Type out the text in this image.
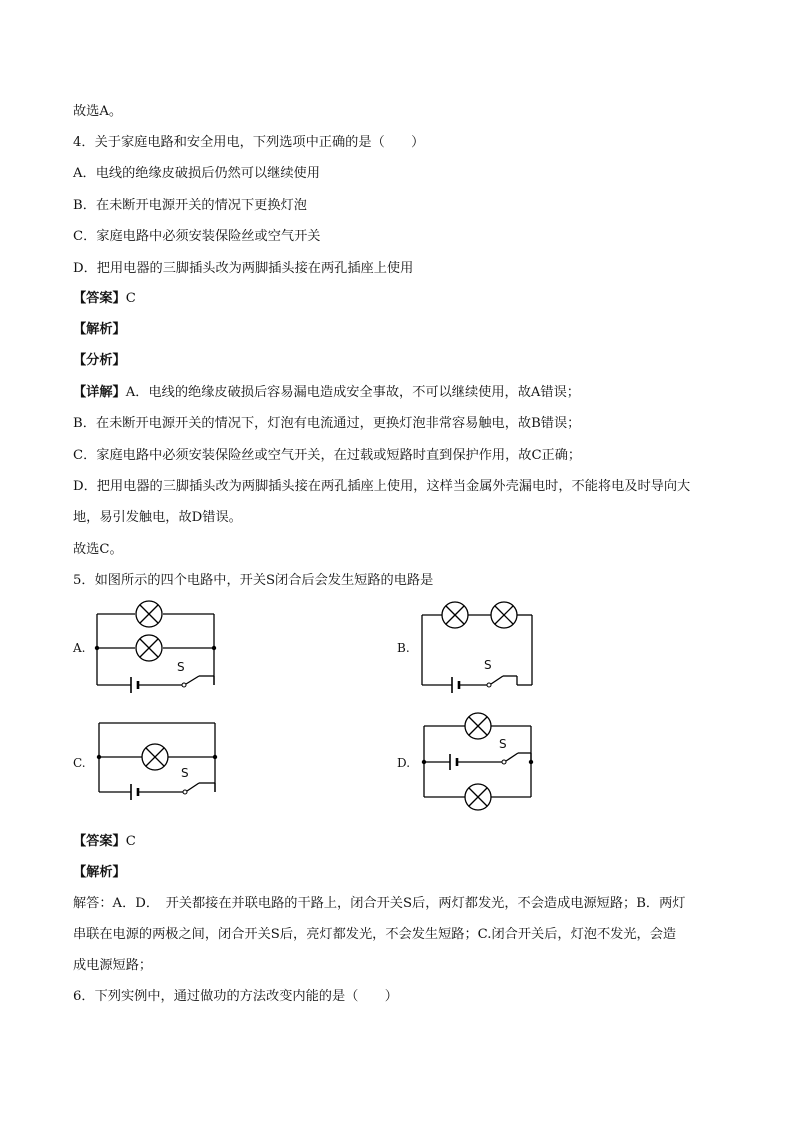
故选A。
4．关于家庭电路和安全用电，下列选项中正确的是（　　）
A．电线的绝缘皮破损后仍然可以继续使用
B．在未断开电源开关的情况下更换灯泡
C．家庭电路中必须安装保险丝或空气开关
D．把用电器的三脚插头改为两脚插头接在两孔插座上使用
【答案】C
【解析】
【分析】
【详解】A．电线的绝缘皮破损后容易漏电造成安全事故，不可以继续使用，故A错误；
B．在未断开电源开关的情况下，灯泡有电流通过，更换灯泡非常容易触电，故B错误；
C．家庭电路中必须安装保险丝或空气开关，在过载或短路时直到保护作用，故C正确；
D．把用电器的三脚插头改为两脚插头接在两孔插座上使用，这样当金属外壳漏电时，不能将电及时导向大
地，易引发触电，故D错误。
故选C。
5．如图所示的四个电路中，开关S闭合后会发生短路的电路是
A.
S
B.
S
C.
S
D.
S
【答案】C
【解析】
解答：A．D．　开关都接在并联电路的干路上，闭合开关S后，两灯都发光，不会造成电源短路；B．两灯
串联在电源的两极之间，闭合开关S后，亮灯都发光，不会发生短路；C.闭合开关后，灯泡不发光，会造
成电源短路；
6．下列实例中，通过做功的方法改变内能的是（　　）
